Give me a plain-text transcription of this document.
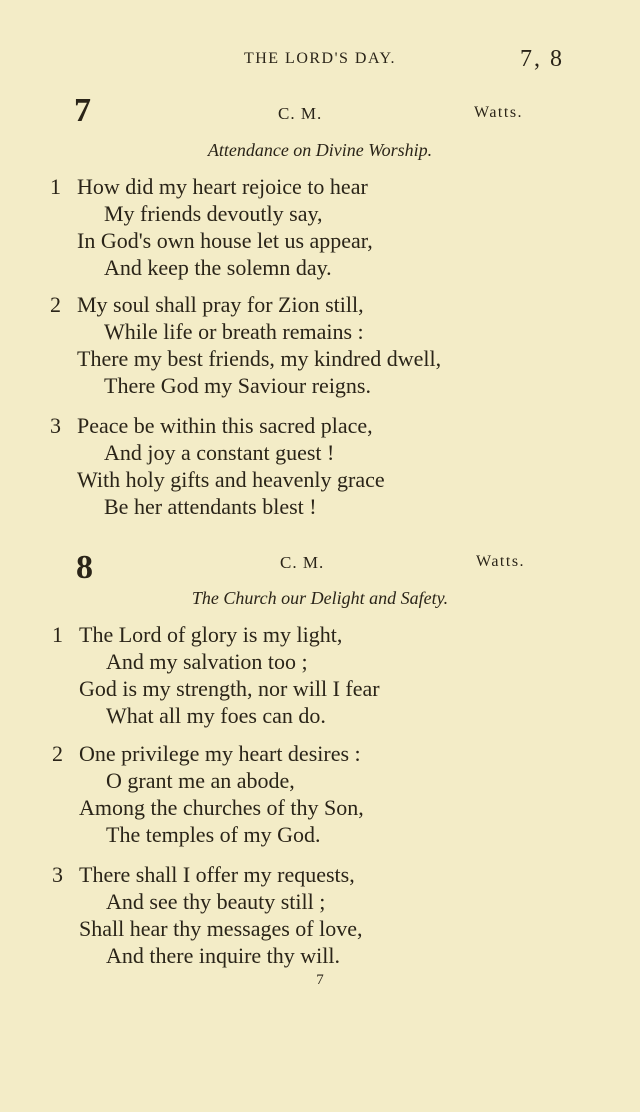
THE LORD'S DAY.	7, 8
7	C. M.	Watts.
Attendance on Divine Worship.
1 How did my heart rejoice to hear
My friends devoutly say,
In God's own house let us appear,
And keep the solemn day.
2 My soul shall pray for Zion still,
While life or breath remains :
There my best friends, my kindred dwell,
There God my Saviour reigns.
3 Peace be within this sacred place,
And joy a constant guest !
With holy gifts and heavenly grace
Be her attendants blest !
8	C. M.	Watts.
The Church our Delight and Safety.
1 The Lord of glory is my light,
And my salvation too ;
God is my strength, nor will I fear
What all my foes can do.
2 One privilege my heart desires :
O grant me an abode,
Among the churches of thy Son,
The temples of my God.
3 There shall I offer my requests,
And see thy beauty still ;
Shall hear thy messages of love,
And there inquire thy will.
7
